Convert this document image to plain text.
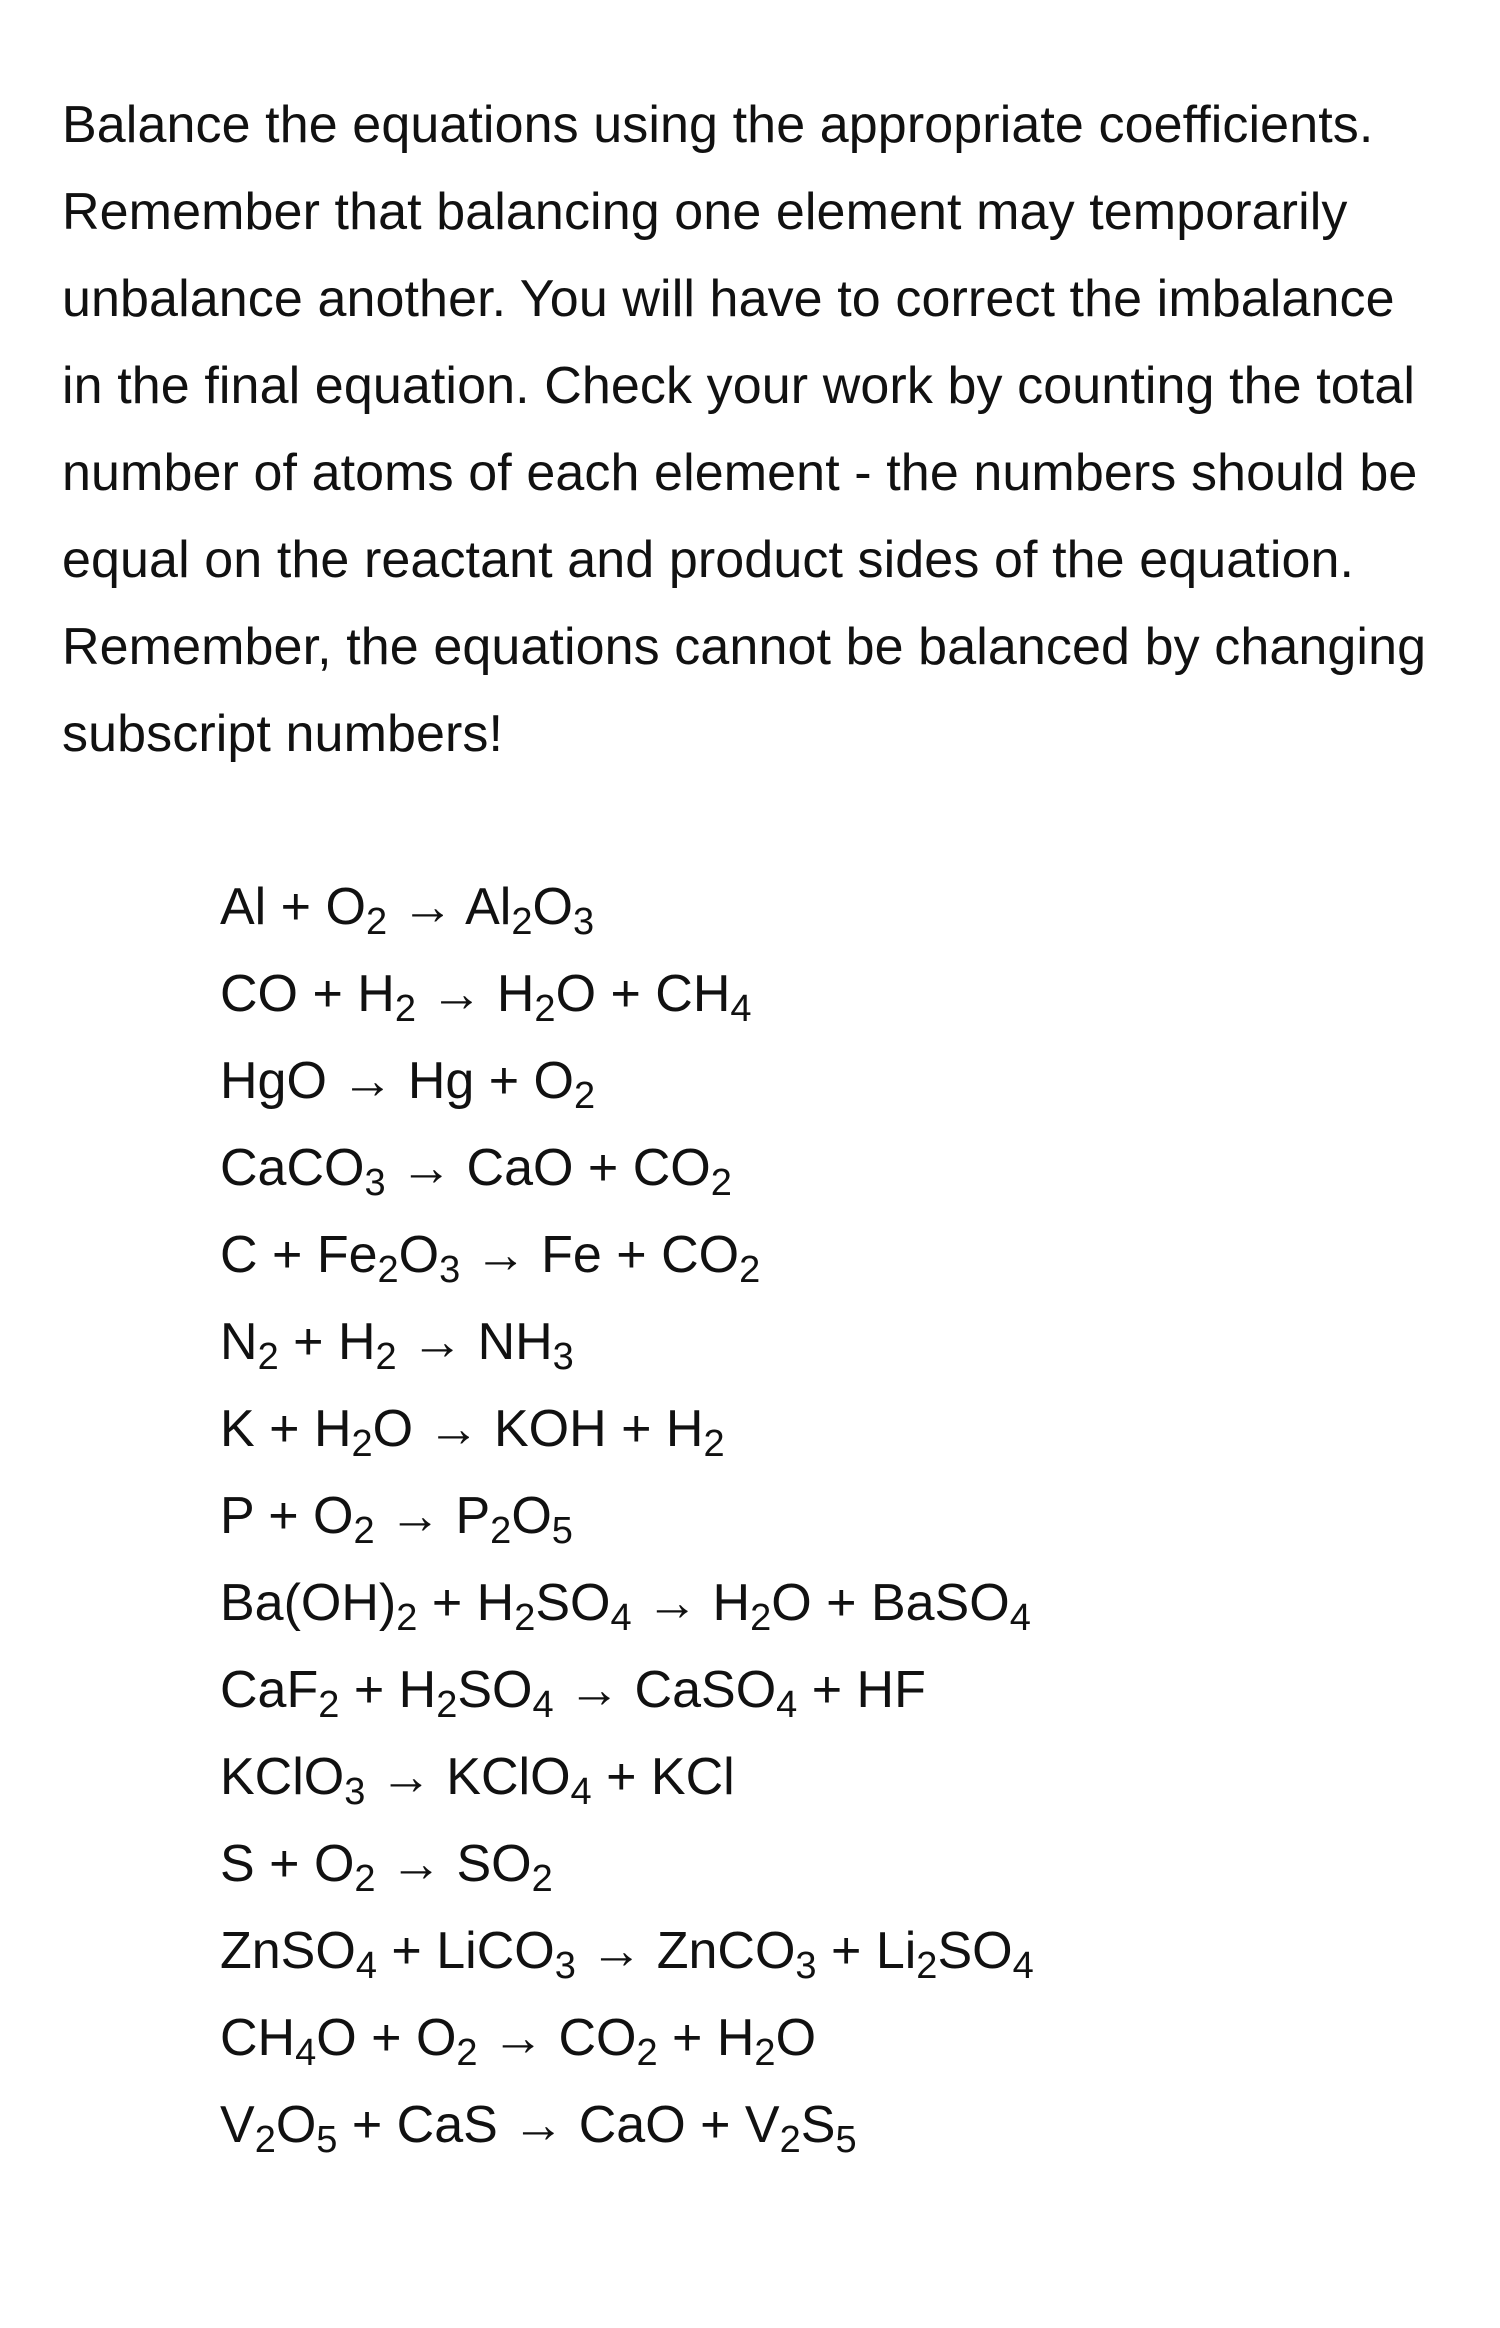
Balance the equations using the appropriate coefficients. Remember that balancing one element may temporarily unbalance another. You will have to correct the imbalance in the final equation. Check your work by counting the total number of atoms of each element - the numbers should be equal on the reactant and product sides of the equation. Remember, the equations cannot be balanced by changing subscript numbers!

$Al + O_2 \to Al_2O_3$
CO + $H_2 \to H_2O + CH_4$
HgO → $Hg + O_2$
CaCO$_3$ → CaO + $CO_2$
$C + Fe_2O_3 \to Fe + CO_2$
$N_2 + H_2 \to NH_3$
$K + H_2O$ → KOH + $H_2$
$P + O_2 \to P_2O_5$
$Ba(OH)_2 + H_2SO_4 \to H_2O$ + BaSO$_4$
$CaF_2 + H_2SO_4$ → CaSO$_4$ + HF
KClO$_3$ → KClO$_4$ + KCl
$S + O_2 \to SO_2$
ZnSO$_4$ + LiCO$_3$ → ZnCO$_3$ + $Li_2SO_4$
$CH_4O + O_2 \to CO_2 + H_2O$
$V_2O_5$ + CaS → CaO + $V_2S_5$
